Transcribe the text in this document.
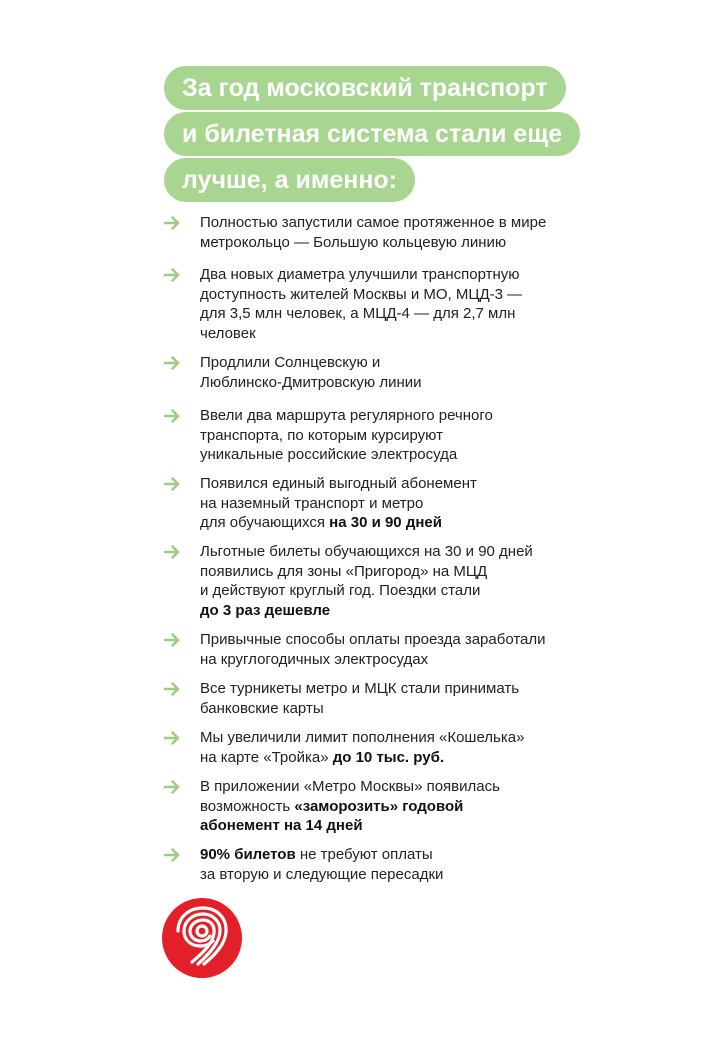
За год московский транспорт
и билетная система стали еще
лучше, а именно:
Полностью запустили самое протяженное в мире
метрокольцо — Большую кольцевую линию
Два новых диаметра улучшили транспортную
доступность жителей Москвы и МО, МЦД-3 —
для 3,5 млн человек, а МЦД-4 — для 2,7 млн
человек
Продлили Солнцевскую и
Люблинско-Дмитровскую линии
Ввели два маршрута регулярного речного
транспорта, по которым курсируют
уникальные российские электросуда
Появился единый выгодный абонемент
на наземный транспорт и метро
для обучающихся на 30 и 90 дней
Льготные билеты обучающихся на 30 и 90 дней
появились для зоны «Пригород» на МЦД
и действуют круглый год. Поездки стали
до 3 раз дешевле
Привычные способы оплаты проезда заработали
на круглогодичных электросудах
Все турникеты метро и МЦК стали принимать
банковские карты
Мы увеличили лимит пополнения «Кошелька»
на карте «Тройка» до 10 тыс. руб.
В приложении «Метро Москвы» появилась
возможность «заморозить» годовой
абонемент на 14 дней
90% билетов не требуют оплаты
за вторую и следующие пересадки
